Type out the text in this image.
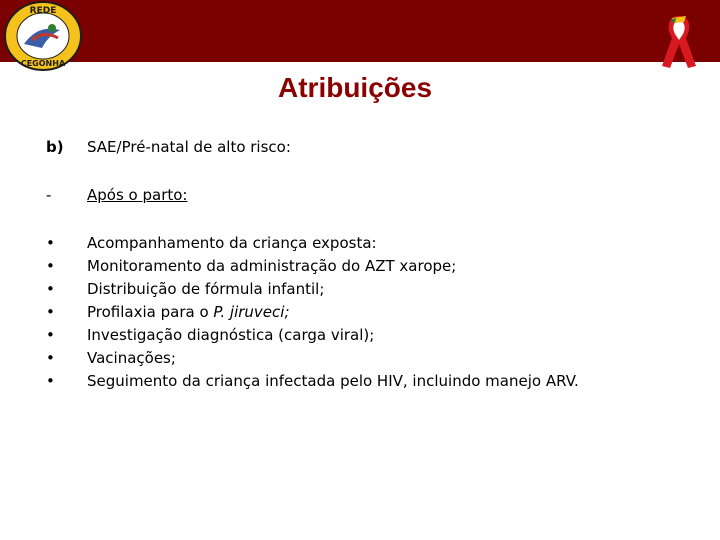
REDE
CEGONHA
Atribuições
b) SAE/Pré-natal de alto risco:
- Após o parto:
• Acompanhamento da criança exposta:
• Monitoramento da administração do AZT xarope;
• Distribuição de fórmula infantil;
• Profilaxia para o P. jiruveci;
• Investigação diagnóstica (carga viral);
• Vacinações;
• Seguimento da criança infectada pelo HIV, incluindo manejo ARV.
